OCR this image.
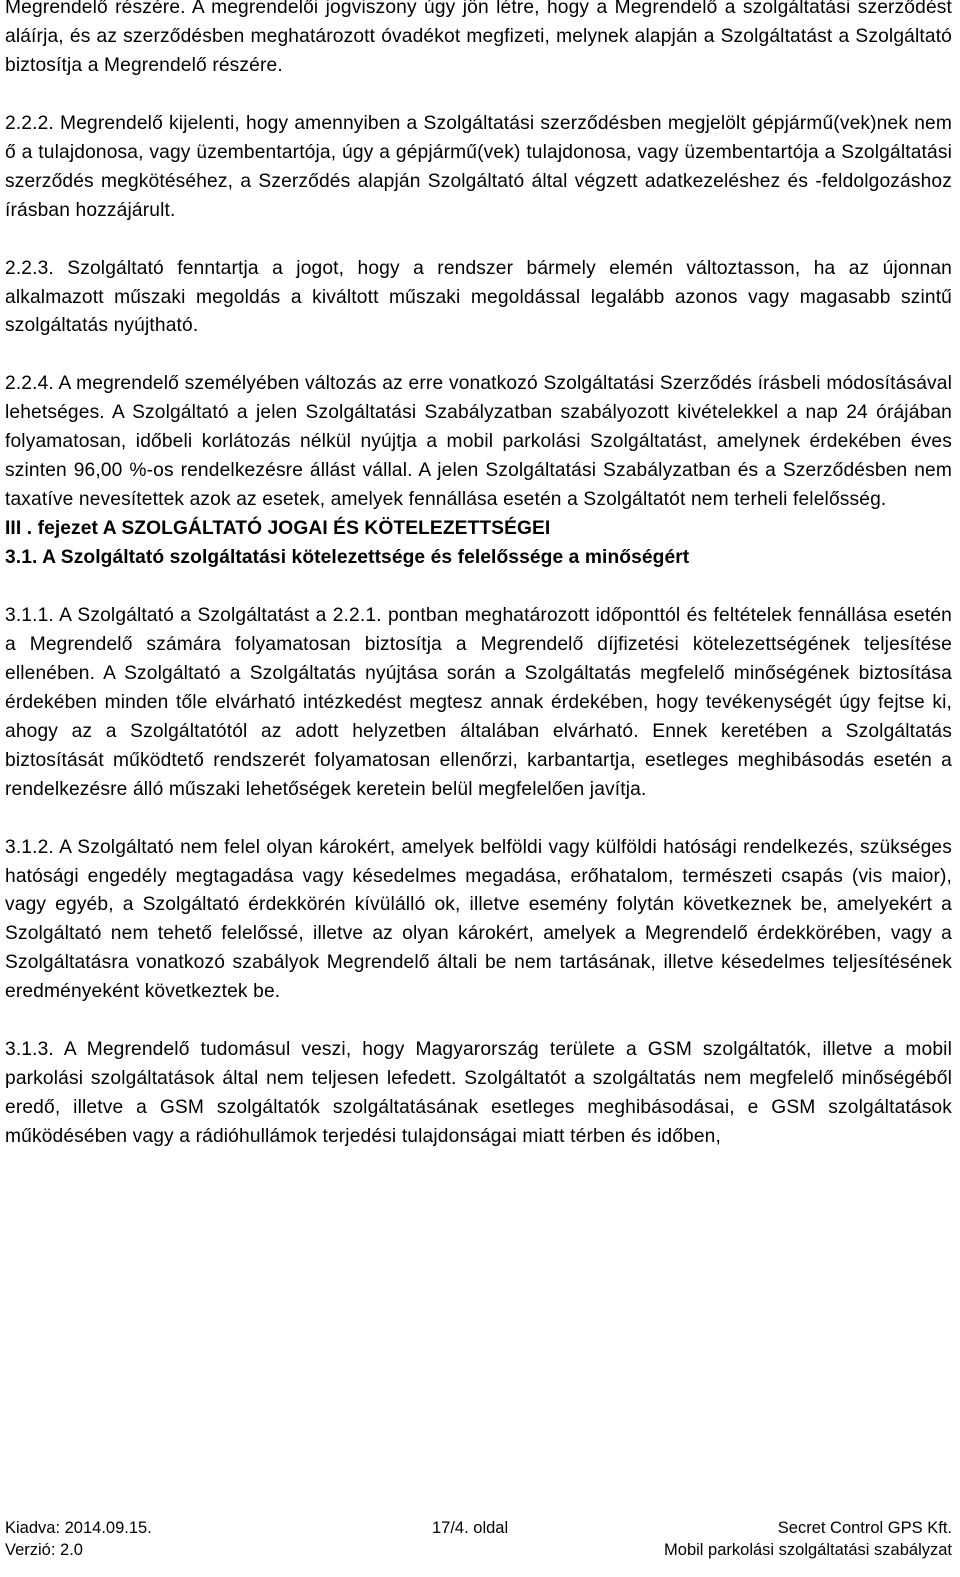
Megrendelő részére. A megrendelői jogviszony úgy jön létre, hogy a Megrendelő a szolgáltatási szerződést aláírja, és az szerződésben meghatározott óvadékot megfizeti, melynek alapján a Szolgáltatást a Szolgáltató biztosítja a Megrendelő részére.

2.2.2. Megrendelő kijelenti, hogy amennyiben a Szolgáltatási szerződésben megjelölt gépjármű(vek)nek nem ő a tulajdonosa, vagy üzembentartója, úgy a gépjármű(vek) tulajdonosa, vagy üzembentartója a Szolgáltatási szerződés megkötéséhez, a Szerződés alapján Szolgáltató által végzett adatkezeléshez és -feldolgozáshoz írásban hozzájárult.

2.2.3. Szolgáltató fenntartja a jogot, hogy a rendszer bármely elemén változtasson, ha az újonnan alkalmazott műszaki megoldás a kiváltott műszaki megoldással legalább azonos vagy magasabb szintű szolgáltatás nyújtható.

2.2.4. A megrendelő személyében változás az erre vonatkozó Szolgáltatási Szerződés írásbeli módosításával lehetséges. A Szolgáltató a jelen Szolgáltatási Szabályzatban szabályozott kivételekkel a nap 24 órájában folyamatosan, időbeli korlátozás nélkül nyújtja a mobil parkolási Szolgáltatást, amelynek érdekében éves szinten 96,00 %-os rendelkezésre állást vállal. A jelen Szolgáltatási Szabályzatban és a Szerződésben nem taxatíve nevesítettek azok az esetek, amelyek fennállása esetén a Szolgáltatót nem terheli felelősség.

III . fejezet A SZOLGÁLTATÓ JOGAI ÉS KÖTELEZETTSÉGEI

3.1. A Szolgáltató szolgáltatási kötelezettsége és felelőssége a minőségért

3.1.1. A Szolgáltató a Szolgáltatást a 2.2.1. pontban meghatározott időponttól és feltételek fennállása esetén a Megrendelő számára folyamatosan biztosítja a Megrendelő díjfizetési kötelezettségének teljesítése ellenében. A Szolgáltató a Szolgáltatás nyújtása során a Szolgáltatás megfelelő minőségének biztosítása érdekében minden tőle elvárható intézkedést megtesz annak érdekében, hogy tevékenységét úgy fejtse ki, ahogy az a Szolgáltatótól az adott helyzetben általában elvárható. Ennek keretében a Szolgáltatás biztosítását működtető rendszerét folyamatosan ellenőrzi, karbantartja, esetleges meghibásodás esetén a rendelkezésre álló műszaki lehetőségek keretein belül megfelelően javítja.

3.1.2. A Szolgáltató nem felel olyan károkért, amelyek belföldi vagy külföldi hatósági rendelkezés, szükséges hatósági engedély megtagadása vagy késedelmes megadása, erőhatalom, természeti csapás (vis maior), vagy egyéb, a Szolgáltató érdekkörén kívülálló ok, illetve esemény folytán következnek be, amelyekért a Szolgáltató nem tehető felelőssé, illetve az olyan károkért, amelyek a Megrendelő érdekkörében, vagy a Szolgáltatásra vonatkozó szabályok Megrendelő általi be nem tartásának, illetve késedelmes teljesítésének eredményeként következtek be.

3.1.3. A Megrendelő tudomásul veszi, hogy Magyarország területe a GSM szolgáltatók, illetve a mobil parkolási szolgáltatások által nem teljesen lefedett. Szolgáltatót a szolgáltatás nem megfelelő minőségéből eredő, illetve a GSM szolgáltatók szolgáltatásának esetleges meghibásodásai, e GSM szolgáltatások működésében vagy a rádióhullámok terjedési tulajdonságai miatt térben és időben,

Kiadva: 2014.09.15.	17/4. oldal	Secret Control GPS Kft.
Verzió: 2.0	Mobil parkolási szolgáltatási szabályzat
